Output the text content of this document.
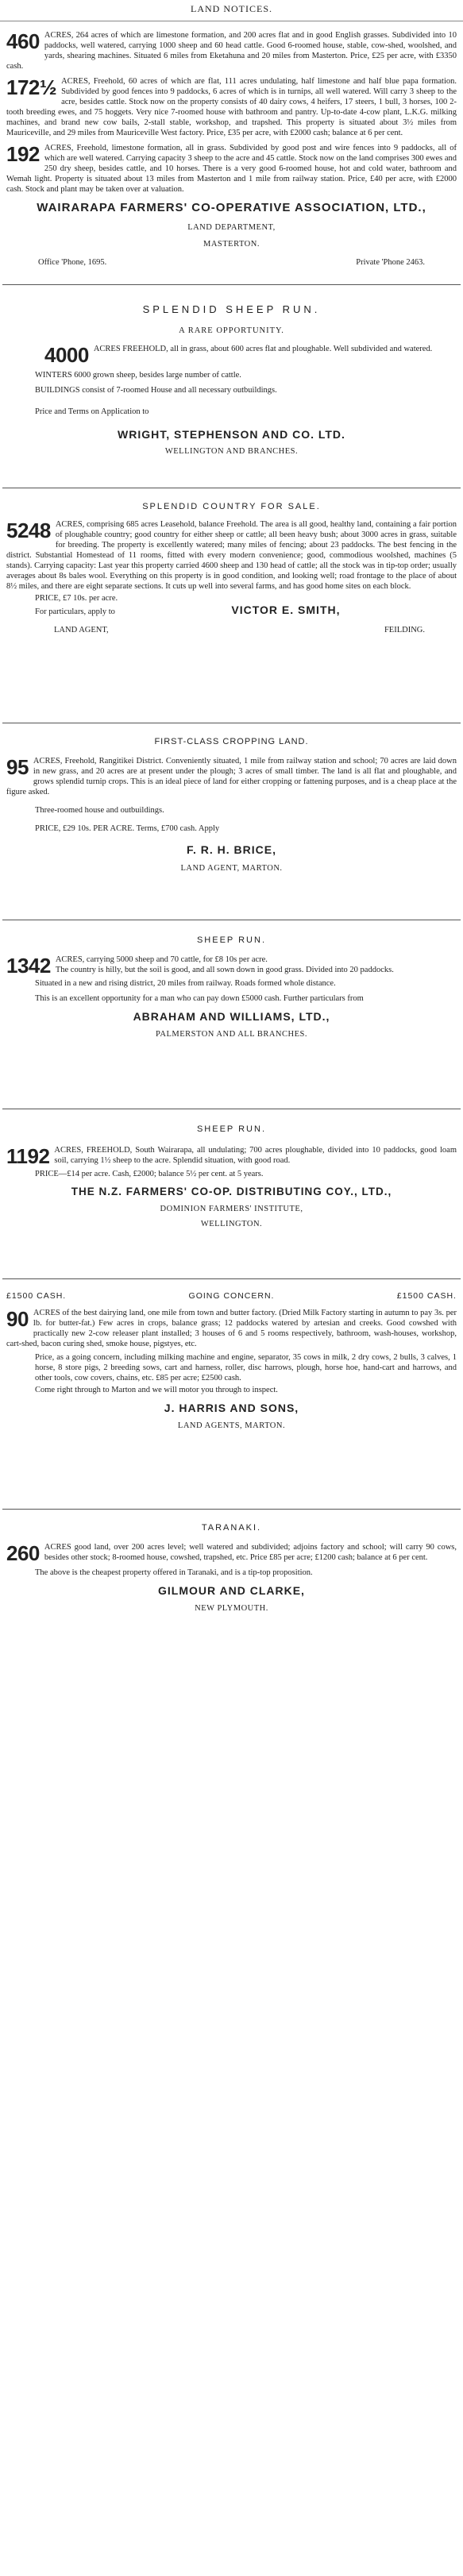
LAND NOTICES.
460 ACRES, 264 acres of which are limestone formation, and 200 acres flat and in good English grasses. Subdivided into 10 paddocks, well watered, carrying 1000 sheep and 60 head cattle. Good 6-roomed house, stable, cow-shed, woolshed, and yards, shearing machines. Situated 6 miles from Eketahuna and 20 miles from Masterton. Price, £25 per acre, with £3350 cash.

172½ ACRES, Freehold, 60 acres of which are flat, 111 acres undulating, half limestone and half blue papa formation. Subdivided by good fences into 9 paddocks, 6 acres of which is in turnips, all well watered. Will carry 3 sheep to the acre, besides cattle. Stock now on the property consists of 40 dairy cows, 4 heifers, 17 steers, 1 bull, 3 horses, 100 2-tooth breeding ewes, and 75 hoggets. Very nice 7-roomed house with bathroom and pantry. Up-to-date 4-cow plant, L.K.G. milking machines, and brand new cow bails, 2-stall stable, workshop, and trapshed. This property is situated about 3½ miles from Mauriceville, and 29 miles from Mauriceville West factory. Price, £35 per acre, with £2000 cash; balance at 6 per cent.

192 ACRES, Freehold, limestone formation, all in grass. Subdivided by good post and wire fences into 9 paddocks, all of which are well watered. Carrying capacity 3 sheep to the acre and 45 cattle. Stock now on the land comprises 300 ewes and 250 dry sheep, besides cattle, and 10 horses. There is a very good 6-roomed house, hot and cold water, bathroom and Wemah light. Property is situated about 13 miles from Masterton and 1 mile from railway station. Price, £40 per acre, with £2000 cash. Stock and plant may be taken over at valuation.

WAIRARAPA FARMERS' CO-OPERATIVE ASSOCIATION, LTD.,
LAND DEPARTMENT,
MASTERTON.
Office 'Phone, 1695.	Private 'Phone 2463.
SPLENDID SHEEP RUN.
A RARE OPPORTUNITY.
4000 ACRES FREEHOLD, all in grass, about 600 acres flat and ploughable. Well subdivided and watered.

WINTERS 6000 grown sheep, besides large number of cattle.

BUILDINGS consist of 7-roomed House and all necessary outbuildings.

Price and Terms on Application to

WRIGHT, STEPHENSON AND CO. LTD.
WELLINGTON AND BRANCHES.
SPLENDID COUNTRY FOR SALE.
5248 ACRES, comprising 685 acres Leasehold, balance Freehold. The area is all good, healthy land, containing a fair portion of ploughable country; good country for either sheep or cattle; all been heavy bush; about 3000 acres in grass, suitable for breeding. The property is excellently watered; many miles of fencing; about 23 paddocks. The best fencing in the district. Substantial Homestead of 11 rooms, fitted with every modern convenience; good, commodious woolshed, machines (5 stands). Carrying capacity: Last year this property carried 4600 sheep and 130 head of cattle; all the stock was in tip-top order; usually averages about 8s bales wool. Everything on this property is in good condition, and looking well; road frontage to the place of about 8½ miles, and there are eight separate sections. It cuts up well into several farms, and has good home sites on each block.

PRICE, £7 10s. per acre.

For particulars, apply to	VICTOR E. SMITH,
LAND AGENT,	FEILDING.
FIRST-CLASS CROPPING LAND.
95 ACRES, Freehold, Rangitikei District. Conveniently situated, 1 mile from railway station and school; 70 acres are laid down in new grass, and 20 acres are at present under the plough; 3 acres of small timber. The land is all flat and ploughable, and grows splendid turnip crops. This is an ideal piece of land for either cropping or fattening purposes, and is a cheap place at the figure asked.

Three-roomed house and outbuildings.

PRICE, £29 10s. PER ACRE. Terms, £700 cash. Apply

F. R. H. BRICE,
LAND AGENT, MARTON.
SHEEP RUN.
1342 ACRES, carrying 5000 sheep and 70 cattle, for £8 10s per acre.

The country is hilly, but the soil is good, and all sown down in good grass. Divided into 20 paddocks.

Situated in a new and rising district, 20 miles from railway. Roads formed whole distance.

This is an excellent opportunity for a man who can pay down £5000 cash. Further particulars from

ABRAHAM AND WILLIAMS, LTD.,
PALMERSTON AND ALL BRANCHES.
SHEEP RUN.
1192 ACRES, FREEHOLD, South Wairarapa, all undulating; 700 acres ploughable, divided into 10 paddocks, good loam soil, carrying 1½ sheep to the acre. Splendid situation, with good road.

PRICE—£14 per acre. Cash, £2000; balance 5½ per cent. at 5 years.

THE N.Z. FARMERS' CO-OP. DISTRIBUTING COY., LTD.,
DOMINION FARMERS' INSTITUTE,
WELLINGTON.
£1500 CASH.	GOING CONCERN.	£1500 CASH.
90 ACRES of the best dairying land, one mile from town and butter factory. (Dried Milk Factory starting in autumn to pay 3s. per lb. for butter-fat.) Few acres in crops, balance grass; 12 paddocks watered by artesian and creeks. Good cowshed with practically new 2-cow releaser plant installed; 3 houses of 6 and 5 rooms respectively, bathroom, wash-houses, workshop, cart-shed, bacon curing shed, smoke house, pigstyes, etc.

Price, as a going concern, including milking machine and engine, separator, 35 cows in milk, 2 dry cows, 2 bulls, 3 calves, 1 horse, 8 store pigs, 2 breeding sows, cart and harness, roller, disc harrows, plough, horse hoe, hand-cart and harrows, and other tools, cow covers, chains, etc. £85 per acre; £2500 cash.

Come right through to Marton and we will motor you through to inspect.

J. HARRIS AND SONS,
LAND AGENTS, MARTON.
TARANAKI.
260 ACRES good land, over 200 acres level; well watered and subdivided; adjoins factory and school; will carry 90 cows, besides other stock; 8-roomed house, cowshed, trapshed, etc. Price £85 per acre; £1200 cash; balance at 6 per cent.

The above is the cheapest property offered in Taranaki, and is a tip-top proposition.

GILMOUR AND CLARKE,
NEW PLYMOUTH.
